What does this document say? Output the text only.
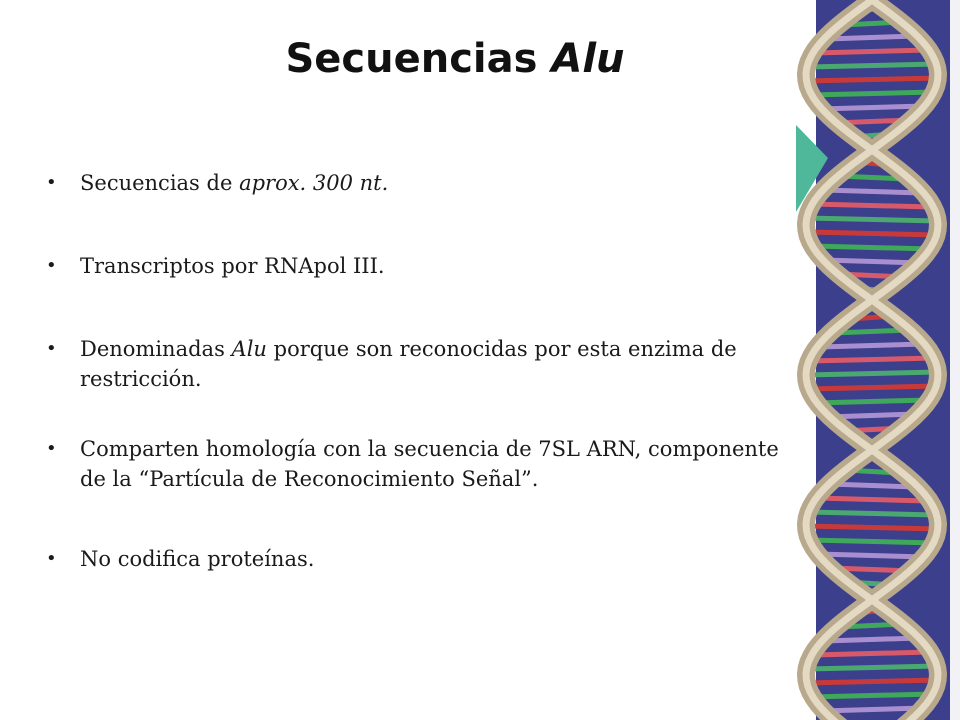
Secuencias Alu
• Secuencias de aprox. 300 nt.
• Transcriptos por RNApol III.
• Denominadas Alu porque son reconocidas por esta enzima de restricción.
• Comparten homología con la secuencia de 7SL ARN, componente de la “Partícula de Reconocimiento Señal”.
• No codifica proteínas.
